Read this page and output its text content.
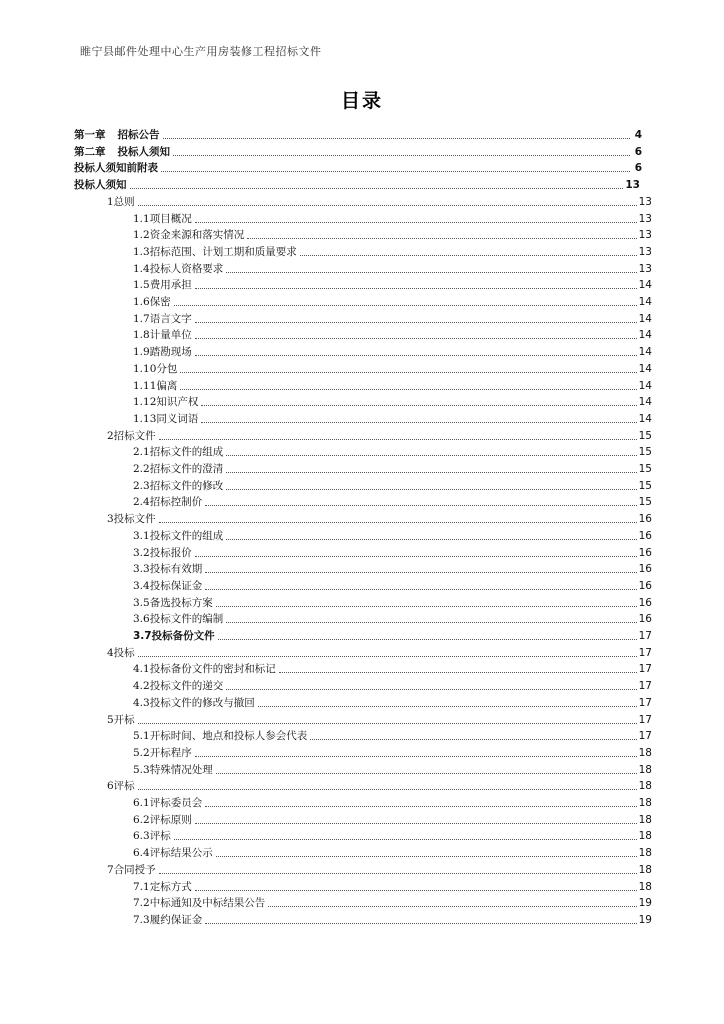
睢宁县邮件处理中心生产用房装修工程招标文件
目录
第一章 招标公告	4
第二章 投标人须知	6
投标人须知前附表	6
投标人须知	13
1总则	13
1.1项目概况	13
1.2资金来源和落实情况	13
1.3招标范围、计划工期和质量要求	13
1.4投标人资格要求	13
1.5费用承担	14
1.6保密	14
1.7语言文字	14
1.8计量单位	14
1.9踏勘现场	14
1.10分包	14
1.11偏离	14
1.12知识产权	14
1.13同义词语	14
2招标文件	15
2.1招标文件的组成	15
2.2招标文件的澄清	15
2.3招标文件的修改	15
2.4招标控制价	15
3投标文件	16
3.1投标文件的组成	16
3.2投标报价	16
3.3投标有效期	16
3.4投标保证金	16
3.5备选投标方案	16
3.6投标文件的编制	16
3.7投标备份文件	17
4投标	17
4.1投标备份文件的密封和标记	17
4.2投标文件的递交	17
4.3投标文件的修改与撤回	17
5开标	17
5.1开标时间、地点和投标人参会代表	17
5.2开标程序	18
5.3特殊情况处理	18
6评标	18
6.1评标委员会	18
6.2评标原则	18
6.3评标	18
6.4评标结果公示	18
7合同授予	18
7.1定标方式	18
7.2中标通知及中标结果公告	19
7.3履约保证金	19
